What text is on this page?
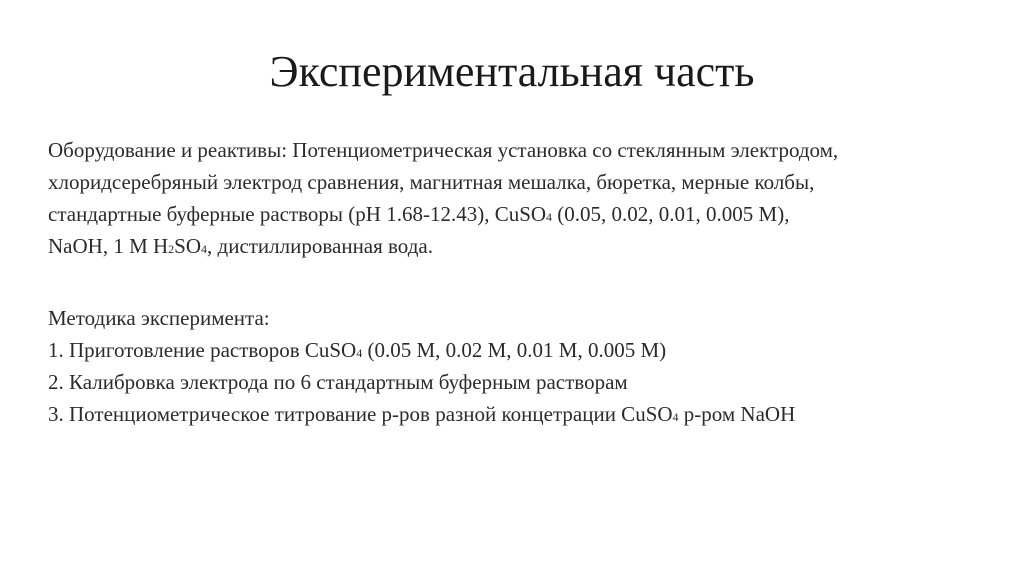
Экспериментальная часть
Оборудование и реактивы: Потенциометрическая установка со стеклянным электродом,
хлоридсеребряный электрод сравнения, магнитная мешалка, бюретка, мерные колбы,
стандартные буферные растворы (pH 1.68-12.43), CuSO4 (0.05, 0.02, 0.01, 0.005 M),
NaOH, 1 M H2SO4, дистиллированная вода.
Методика эксперимента:
1. Приготовление растворов CuSO4 (0.05 M, 0.02 M, 0.01 M, 0.005 M)
2. Калибровка электрода по 6 стандартным буферным растворам
3. Потенциометрическое титрование р-ров разной концетрации CuSO4 р-ром NaOH
